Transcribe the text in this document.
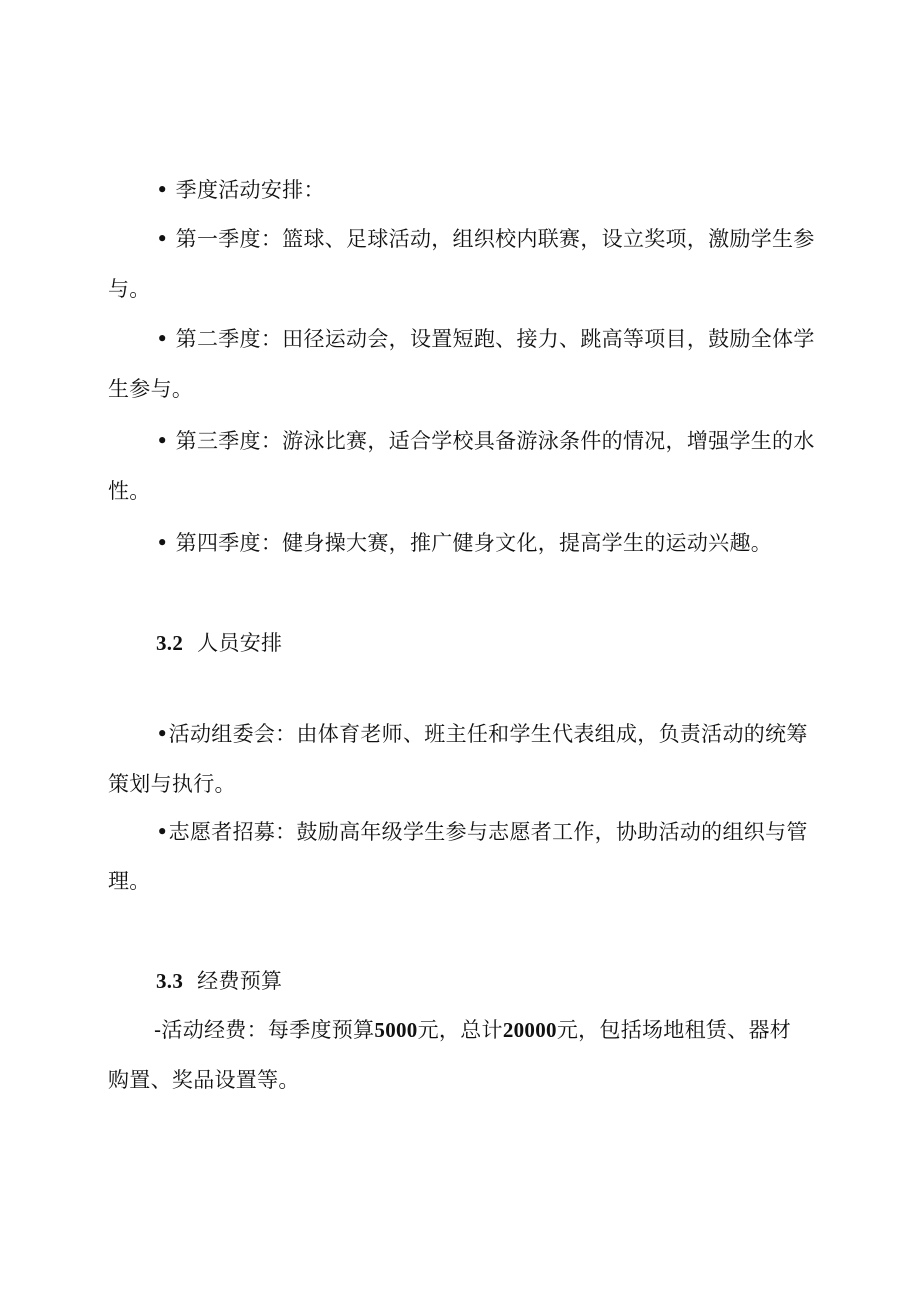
• 季度活动安排：
• 第一季度：篮球、足球活动，组织校内联赛，设立奖项，激励学生参
与。
• 第二季度：田径运动会，设置短跑、接力、跳高等项目，鼓励全体学
生参与。
• 第三季度：游泳比赛，适合学校具备游泳条件的情况，增强学生的水
性。
• 第四季度：健身操大赛，推广健身文化，提高学生的运动兴趣。
3.2 人员安排
•活动组委会：由体育老师、班主任和学生代表组成，负责活动的统筹
策划与执行。
•志愿者招募：鼓励高年级学生参与志愿者工作，协助活动的组织与管
理。
3.3 经费预算
-活动经费：每季度预算5000元，总计20000元，包括场地租赁、器材
购置、奖品设置等。
